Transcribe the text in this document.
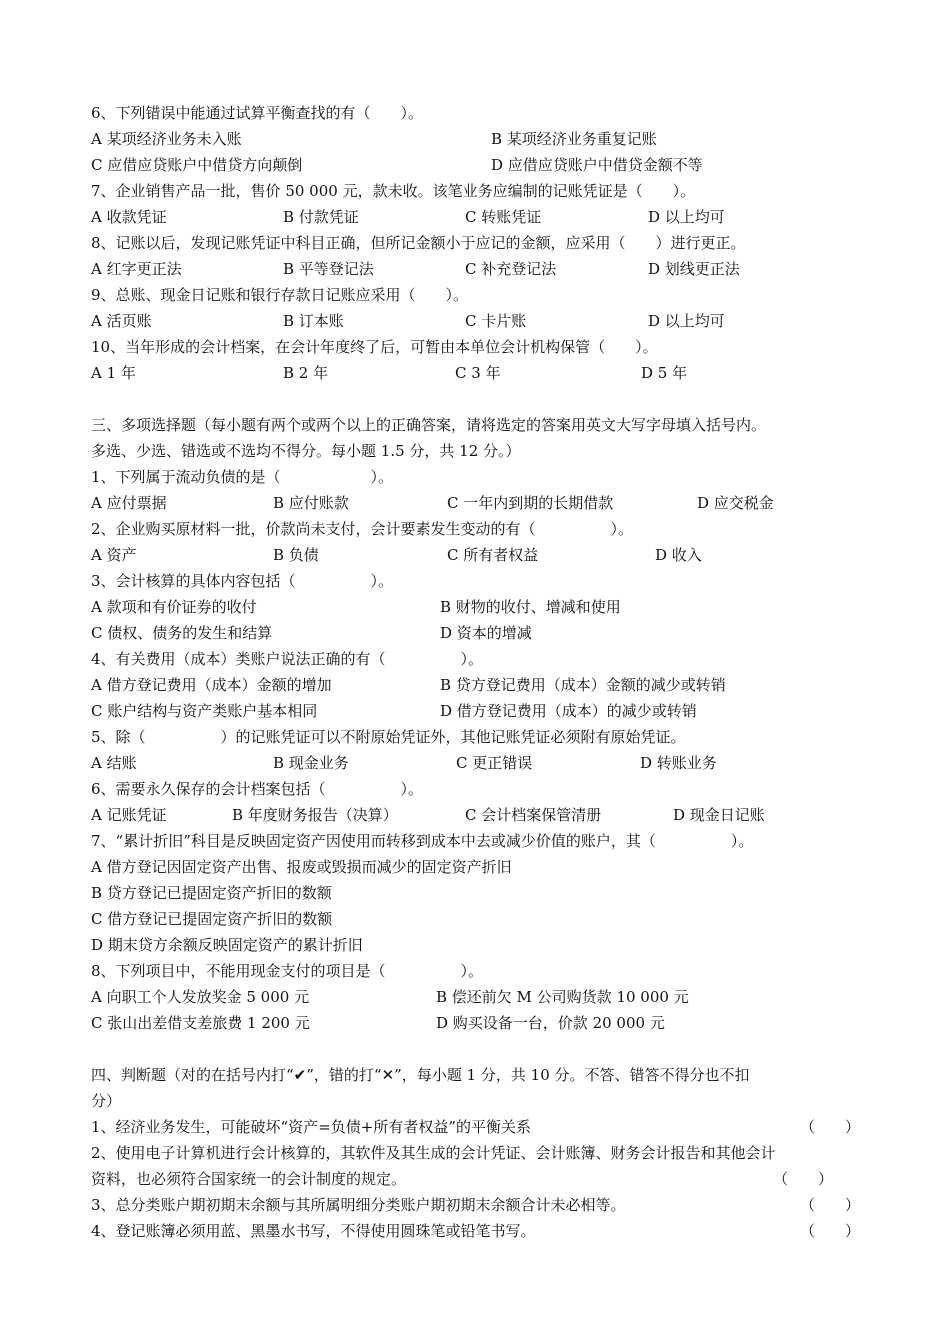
6、下列错误中能通过试算平衡查找的有（　　）。
A 某项经济业务未入账	B 某项经济业务重复记账
C 应借应贷账户中借贷方向颠倒	D 应借应贷账户中借贷金额不等
7、企业销售产品一批，售价 50 000 元，款未收。该笔业务应编制的记账凭证是（　　）。
A 收款凭证	B 付款凭证	C 转账凭证	D 以上均可
8、记账以后，发现记账凭证中科目正确，但所记金额小于应记的金额，应采用（　　）进行更正。
A 红字更正法	B 平等登记法	C 补充登记法	D 划线更正法
9、总账、现金日记账和银行存款日记账应采用（　　）。
A 活页账	B 订本账	C 卡片账	D 以上均可
10、当年形成的会计档案，在会计年度终了后，可暂由本单位会计机构保管（　　）。
A 1 年	B 2 年	C 3 年	D 5 年
三、多项选择题（每小题有两个或两个以上的正确答案，请将选定的答案用英文大写字母填入括号内。
多选、少选、错选或不选均不得分。每小题 1.5 分，共 12 分。）
1、下列属于流动负债的是（　　　　　　）。
A 应付票据	B 应付账款	C 一年内到期的长期借款	D 应交税金
2、企业购买原材料一批，价款尚未支付，会计要素发生变动的有（　　　　　）。
A 资产	B 负债	C 所有者权益	D 收入
3、会计核算的具体内容包括（　　　　　）。
A 款项和有价证券的收付	B 财物的收付、增减和使用
C 债权、债务的发生和结算	D 资本的增减
4、有关费用（成本）类账户说法正确的有（　　　　　）。
A 借方登记费用（成本）金额的增加	B 贷方登记费用（成本）金额的减少或转销
C 账户结构与资产类账户基本相同	D 借方登记费用（成本）的减少或转销
5、除（　　　　　）的记账凭证可以不附原始凭证外，其他记账凭证必须附有原始凭证。
A 结账	B 现金业务	C 更正错误	D 转账业务
6、需要永久保存的会计档案包括（　　　　　）。
A 记账凭证	B 年度财务报告（决算）	C 会计档案保管清册	D 现金日记账
7、“累计折旧”科目是反映固定资产因使用而转移到成本中去或减少价值的账户，其（　　　　　）。
A 借方登记因固定资产出售、报废或毁损而减少的固定资产折旧
B 贷方登记已提固定资产折旧的数额
C 借方登记已提固定资产折旧的数额
D 期末贷方余额反映固定资产的累计折旧
8、下列项目中，不能用现金支付的项目是（　　　　　）。
A 向职工个人发放奖金 5 000 元	B 偿还前欠 M 公司购货款 10 000 元
C 张山出差借支差旅费 1 200 元	D 购买设备一台，价款 20 000 元
四、判断题（对的在括号内打“✔”，错的打“✕”，每小题 1 分，共 10 分。不答、错答不得分也不扣
分）
1、经济业务发生，可能破坏“资产=负债+所有者权益”的平衡关系	（　　）
2、使用电子计算机进行会计核算的，其软件及其生成的会计凭证、会计账簿、财务会计报告和其他会计
资料，也必须符合国家统一的会计制度的规定。	（　　）
3、总分类账户期初期末余额与其所属明细分类账户期初期末余额合计未必相等。	（　　）
4、登记账簿必须用蓝、黑墨水书写，不得使用圆珠笔或铅笔书写。	（　　）
